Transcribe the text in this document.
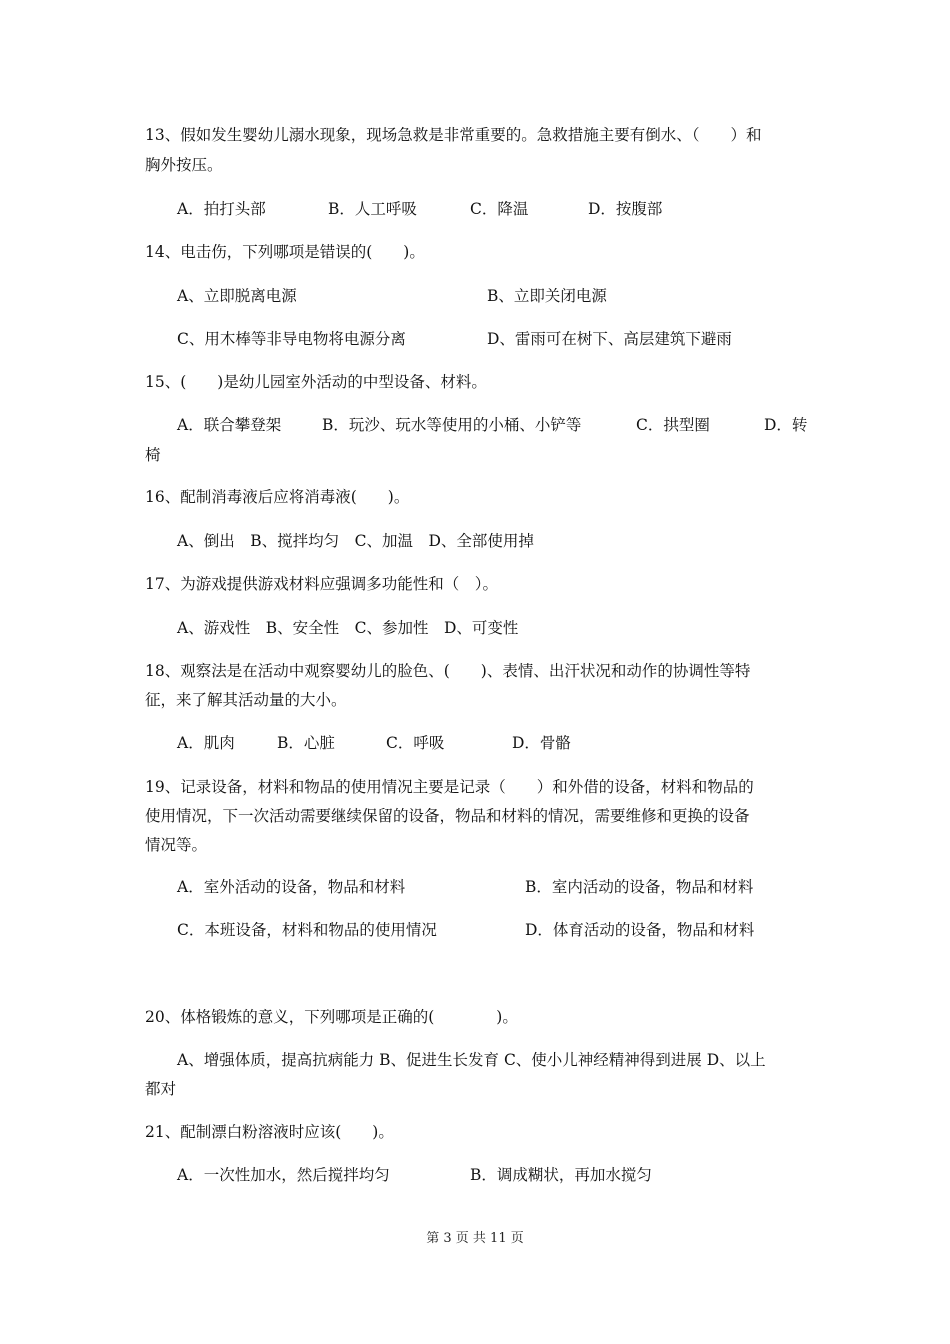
13、假如发生婴幼儿溺水现象，现场急救是非常重要的。急救措施主要有倒水、（　　）和
胸外按压。
A．拍打头部	B．人工呼吸	C．降温	D．按腹部
14、电击伤，下列哪项是错误的(　　)。
A、立即脱离电源	B、立即关闭电源
C、用木棒等非导电物将电源分离	D、雷雨可在树下、高层建筑下避雨
15、(　　)是幼儿园室外活动的中型设备、材料。
A．联合攀登架	B．玩沙、玩水等使用的小桶、小铲等	C．拱型圈	D．转
椅
16、配制消毒液后应将消毒液(　　)。
A、倒出　B、搅拌均匀　C、加温　D、全部使用掉
17、为游戏提供游戏材料应强调多功能性和（　）。
A、游戏性　B、安全性　C、参加性　D、可变性
18、观察法是在活动中观察婴幼儿的脸色、(　　)、表情、出汗状况和动作的协调性等特
征，来了解其活动量的大小。
A．肌肉	B．心脏	C．呼吸	D．骨骼
19、记录设备，材料和物品的使用情况主要是记录（　　）和外借的设备，材料和物品的
使用情况，下一次活动需要继续保留的设备，物品和材料的情况，需要维修和更换的设备
情况等。
A．室外活动的设备，物品和材料	B．室内活动的设备，物品和材料
C．本班设备，材料和物品的使用情况	D．体育活动的设备，物品和材料
20、体格锻炼的意义，下列哪项是正确的(　　　　)。
A、增强体质，提高抗病能力 B、促进生长发育 C、使小儿神经精神得到进展 D、以上
都对
21、配制漂白粉溶液时应该(　　)。
A．一次性加水，然后搅拌均匀	B．调成糊状，再加水搅匀
第 3 页 共 11 页
